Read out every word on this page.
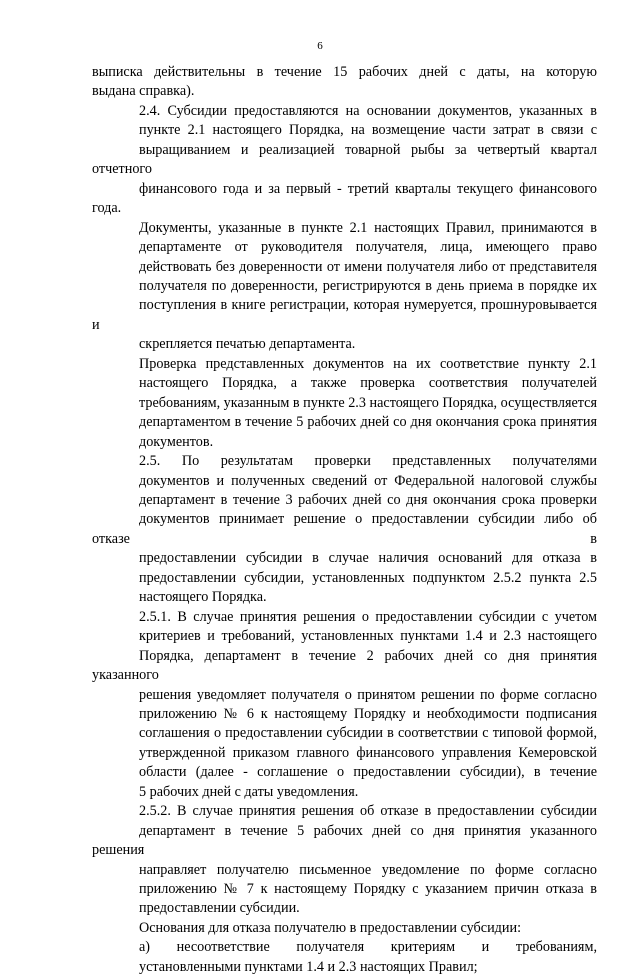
6

выписка действительны в течение 15 рабочих дней с даты, на которую
выдана справка).

2.4. Субсидии предоставляются на основании документов, указанных в
пункте 2.1 настоящего Порядка, на возмещение части затрат в связи с
выращиванием и реализацией товарной рыбы за четвертый квартал отчетного
финансового года и за первый - третий кварталы текущего финансового года.

Документы, указанные в пункте 2.1 настоящих Правил, принимаются в
департаменте от руководителя получателя, лица, имеющего право
действовать без доверенности от имени получателя либо от представителя
получателя по доверенности, регистрируются в день приема в порядке их
поступления в книге регистрации, которая нумеруется, прошнуровывается и
скрепляется печатью департамента.

Проверка представленных документов на их соответствие пункту 2.1
настоящего Порядка, а также проверка соответствия получателей
требованиям, указанным в пункте 2.3 настоящего Порядка, осуществляется
департаментом в течение 5 рабочих дней со дня окончания срока принятия
документов.

2.5. По результатам проверки представленных получателями
документов и полученных сведений от Федеральной налоговой службы
департамент в течение 3 рабочих дней со дня окончания срока проверки
документов принимает решение о предоставлении субсидии либо об отказе в
предоставлении субсидии в случае наличия оснований для отказа в
предоставлении субсидии, установленных подпунктом 2.5.2 пункта 2.5
настоящего Порядка.

2.5.1. В случае принятия решения о предоставлении субсидии с учетом
критериев и требований, установленных пунктами 1.4 и 2.3 настоящего
Порядка, департамент в течение 2 рабочих дней со дня принятия указанного
решения уведомляет получателя о принятом решении по форме согласно
приложению № 6 к настоящему Порядку и необходимости подписания
соглашения о предоставлении субсидии в соответствии с типовой формой,
утвержденной приказом главного финансового управления Кемеровской
области (далее - соглашение о предоставлении субсидии), в течение
5 рабочих дней с даты уведомления.

2.5.2. В случае принятия решения об отказе в предоставлении субсидии
департамент в течение 5 рабочих дней со дня принятия указанного решения
направляет получателю письменное уведомление по форме согласно
приложению № 7 к настоящему Порядку с указанием причин отказа в
предоставлении субсидии.

Основания для отказа получателю в предоставлении субсидии:

а) несоответствие получателя критериям и требованиям,
установленными пунктами 1.4 и 2.3 настоящих Правил;
